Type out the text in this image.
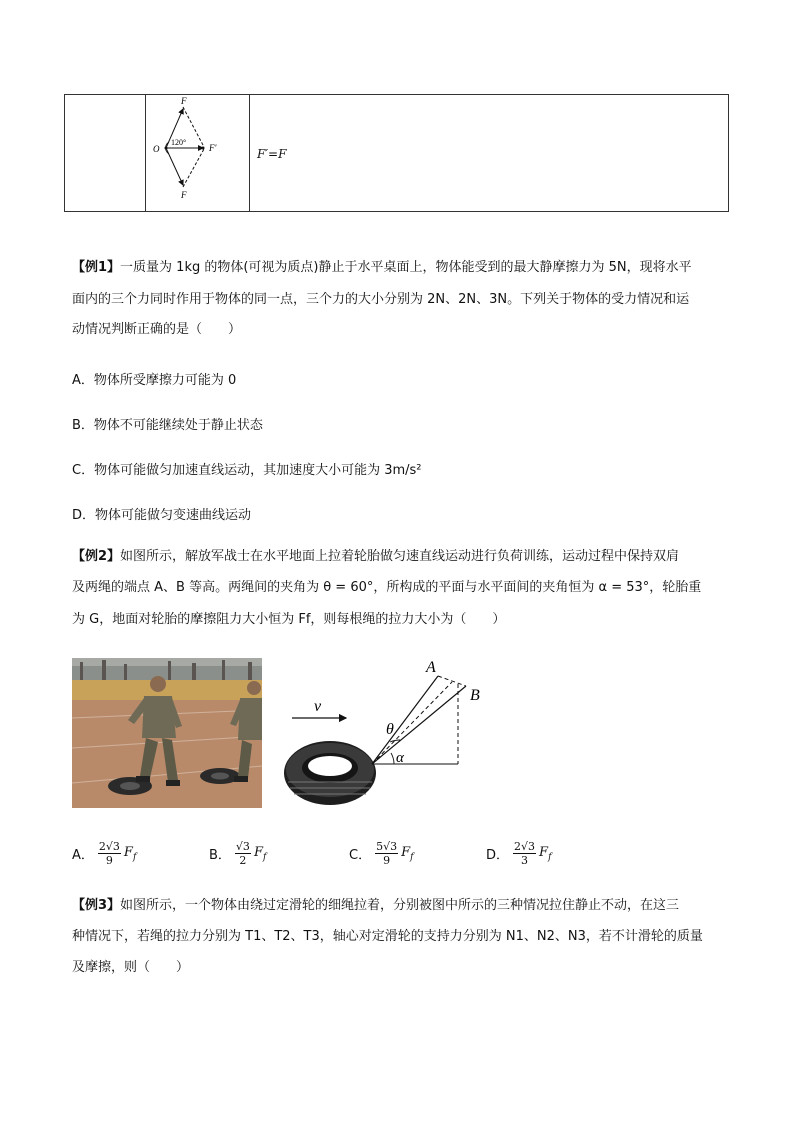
F
120°
O	F′
F
F′=F
【例1】一质量为 1kg 的物体(可视为质点)静止于水平桌面上，物体能受到的最大静摩擦力为 5N，现将水平
面内的三个力同时作用于物体的同一点，三个力的大小分别为 2N、2N、3N。下列关于物体的受力情况和运
动情况判断正确的是（　　）
A．物体所受摩擦力可能为 0
B．物体不可能继续处于静止状态
C．物体可能做匀加速直线运动，其加速度大小可能为 3m/s²
D．物体可能做匀变速曲线运动
【例2】如图所示，解放军战士在水平地面上拉着轮胎做匀速直线运动进行负荷训练，运动过程中保持双肩
及两绳的端点 A、B 等高。两绳间的夹角为 θ = 60°，所构成的平面与水平面间的夹角恒为 α = 53°，轮胎重
为 G，地面对轮胎的摩擦阻力大小恒为 Ff，则每根绳的拉力大小为（　　）
v
A
B
θ
α
A． $\frac{2√3}{9} F_f$	B． $\frac{√3}{2} F_f$	C． $\frac{5√3}{9} F_f$	D． $\frac{2√3}{3} F_f$
【例3】如图所示，一个物体由绕过定滑轮的细绳拉着，分别被图中所示的三种情况拉住静止不动，在这三
种情况下，若绳的拉力分别为 T1、T2、T3，轴心对定滑轮的支持力分别为 N1、N2、N3，若不计滑轮的质量
及摩擦，则（　　）
